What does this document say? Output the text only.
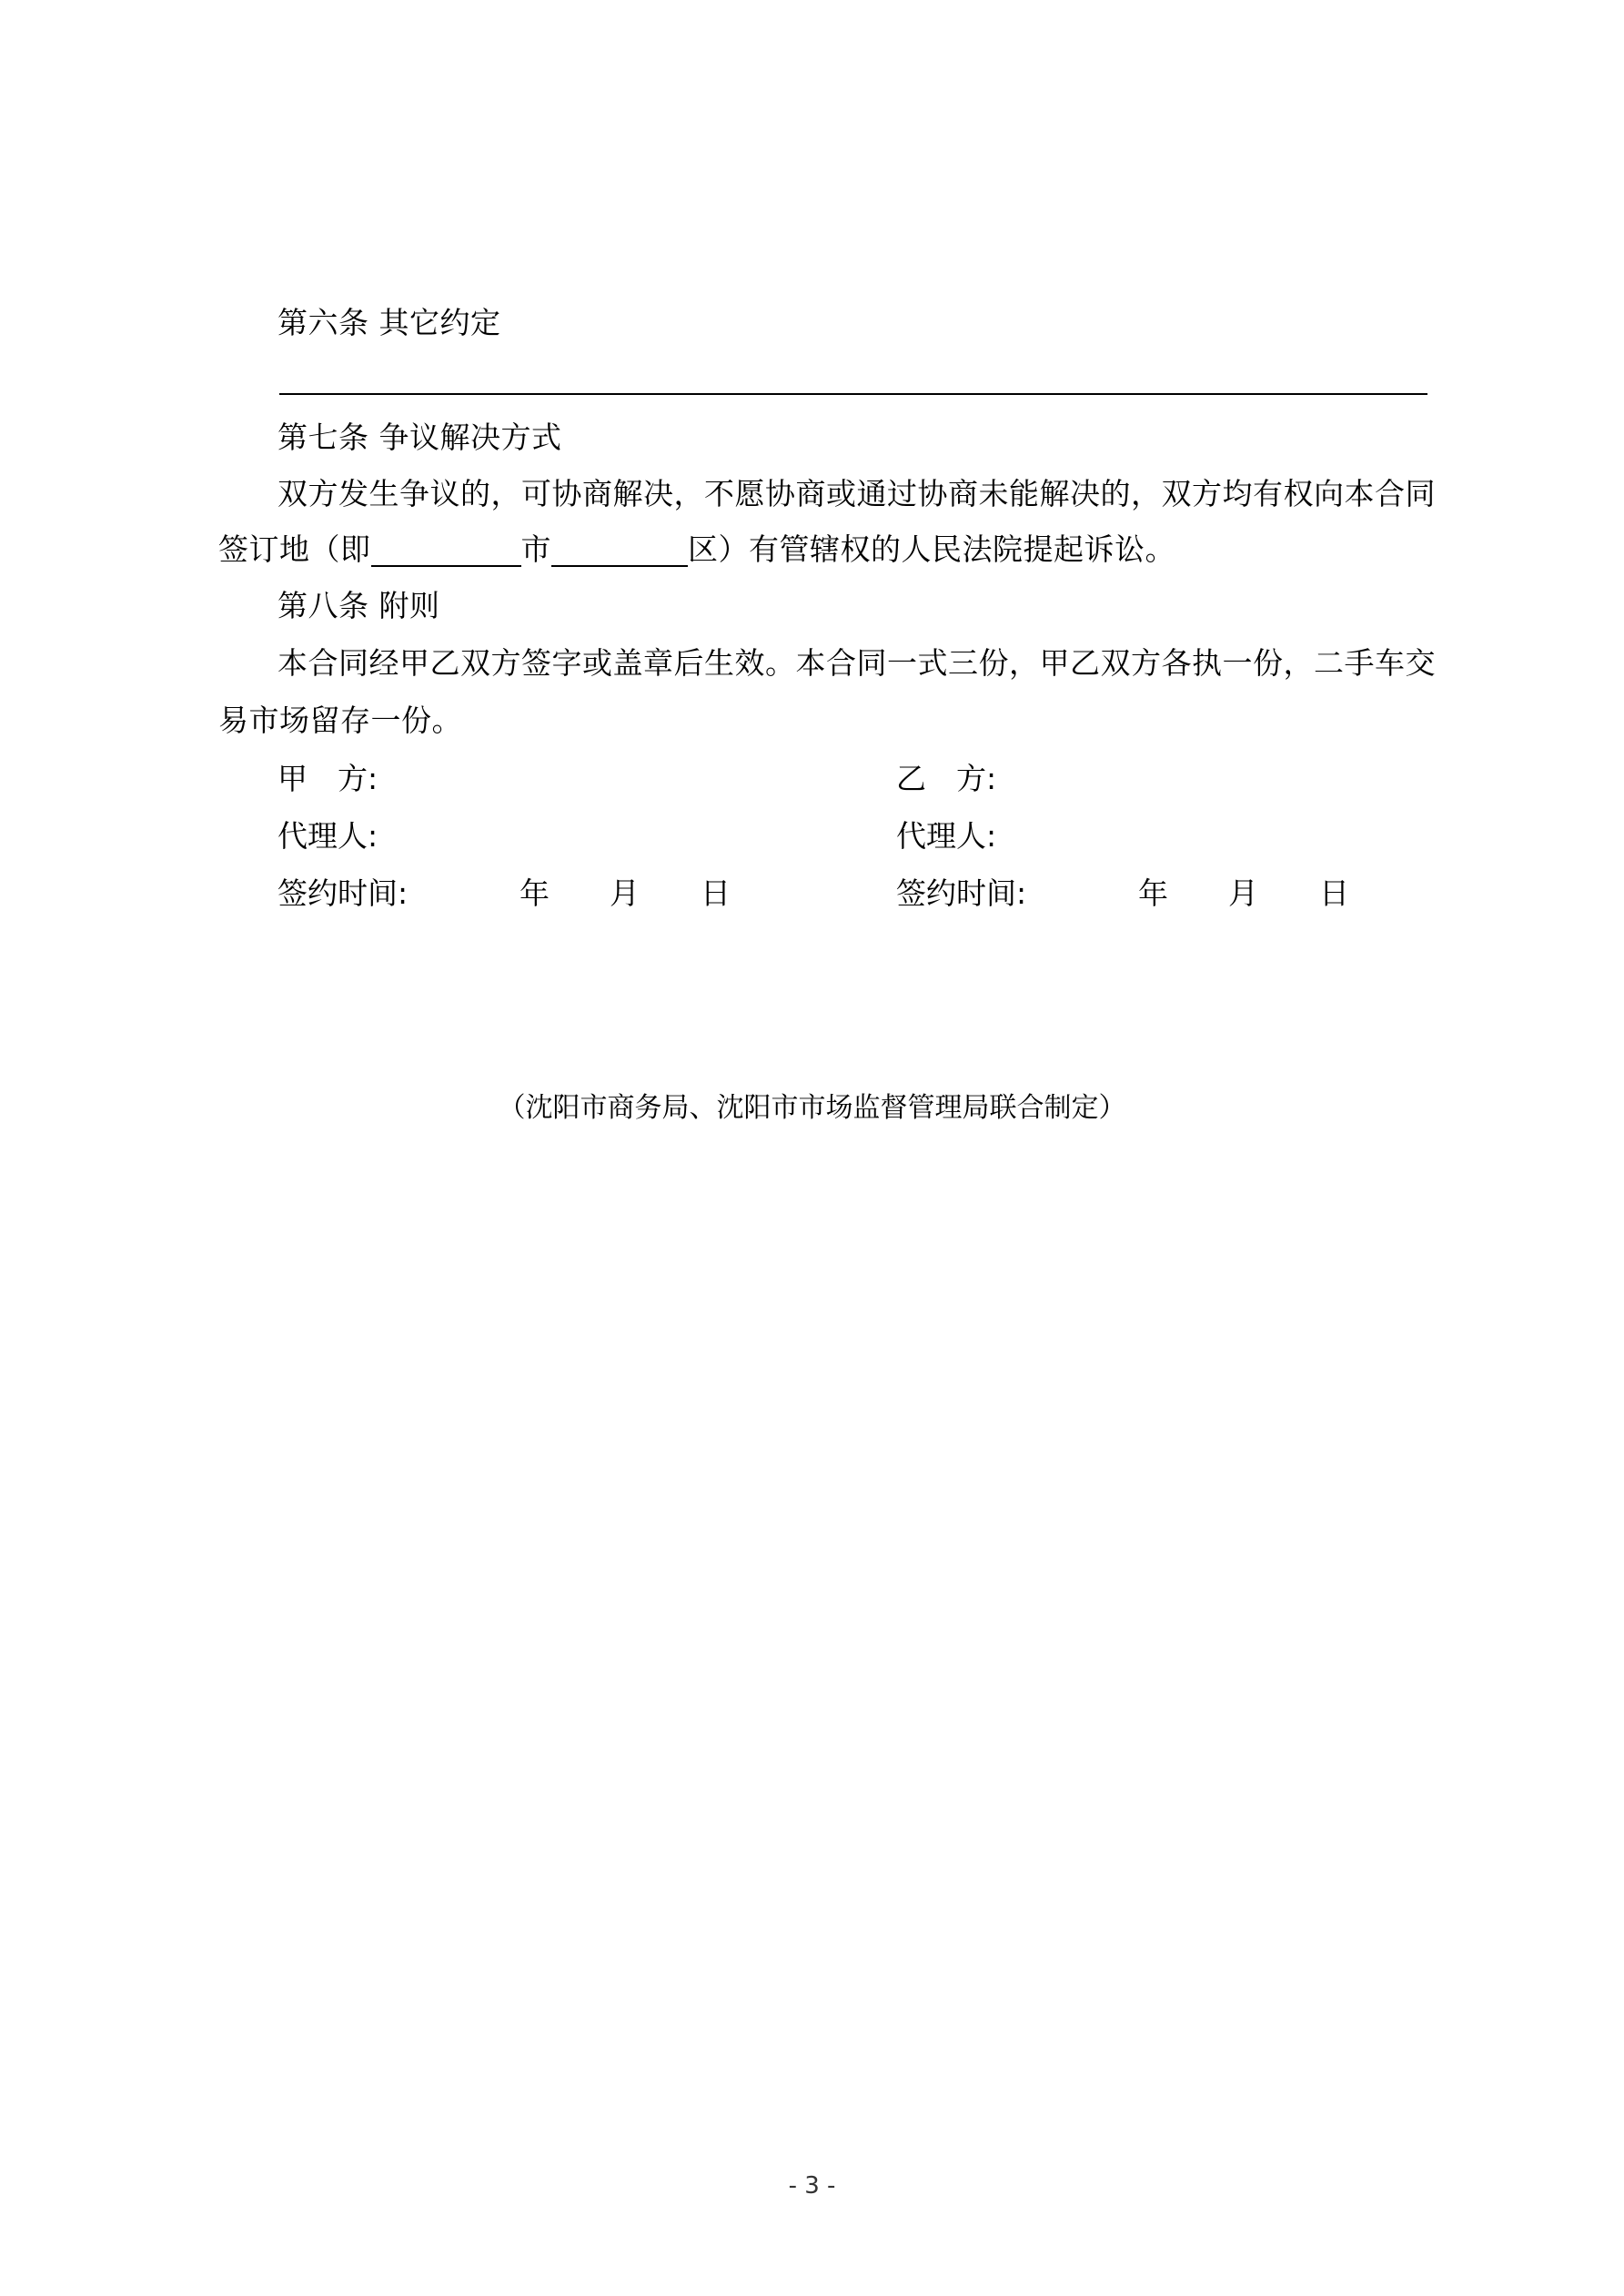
第六条 其它约定
第七条 争议解决方式
双方发生争议的，可协商解决，不愿协商或通过协商未能解决的，双方均有权向本合同
签订地（即	市	区）有管辖权的人民法院提起诉讼。
第八条 附则
本合同经甲乙双方签字或盖章后生效。本合同一式三份，甲乙双方各执一份，二手车交
易市场留存一份。
甲　方:
代理人:
签约时间:	年 月 日
乙　方:
代理人:
签约时间:	年 月 日
（沈阳市商务局、沈阳市市场监督管理局联合制定）
- 3 -
